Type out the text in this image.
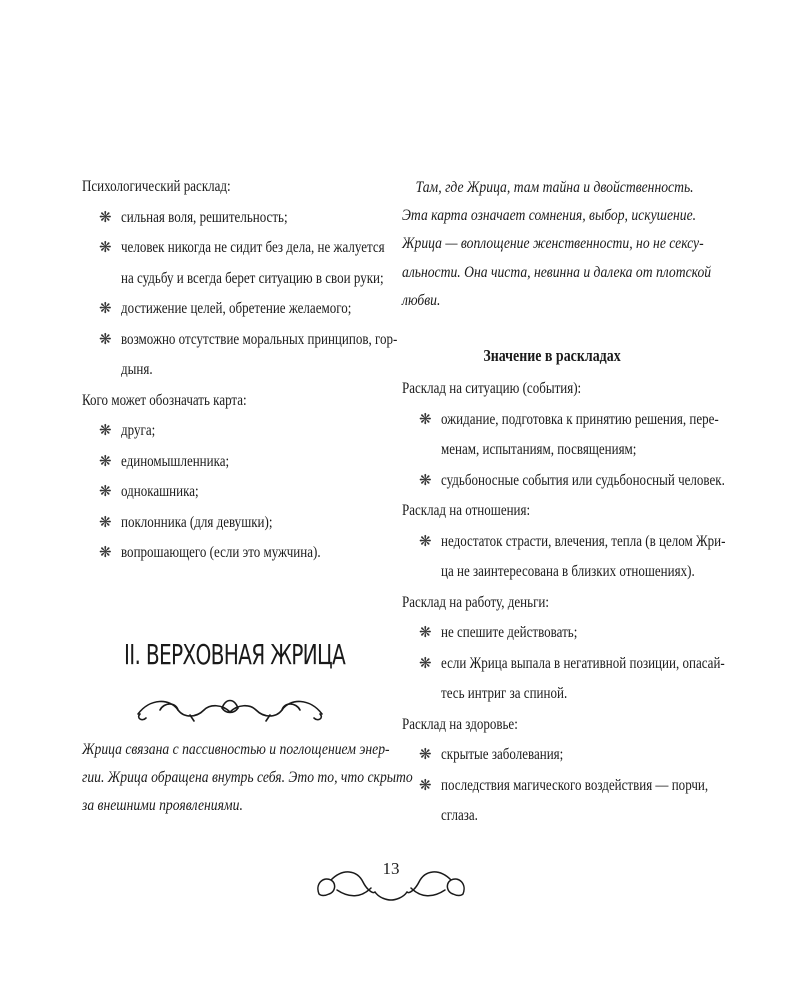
Психологический расклад:

❋ сильная воля, решительность;
❋ человек никогда не сидит без дела, не жалуется
на судьбу и всегда берет ситуацию в свои руки;
❋ достижение целей, обретение желаемого;
❋ возможно отсутствие моральных принципов, гор-
дыня.

Кого может обозначать карта:

❋ друга;
❋ единомышленника;
❋ однокашника;
❋ поклонника (для девушки);
❋ вопрошающего (если это мужчина).
II. ВЕРХОВНАЯ ЖРИЦА
Жрица связана с пассивностью и поглощением энер-
гии. Жрица обращена внутрь себя. Это то, что скрыто
за внешними проявлениями.
Там, где Жрица, там тайна и двойственность.
Эта карта означает сомнения, выбор, искушение.
Жрица — воплощение женственности, но не сексу-
альности. Она чиста, невинна и далека от плотской
любви.
Значение в раскладах

Расклад на ситуацию (события):

❋ ожидание, подготовка к принятию решения, пере-
менам, испытаниям, посвящениям;
❋ судьбоносные события или судьбоносный человек.

Расклад на отношения:

❋ недостаток страсти, влечения, тепла (в целом Жри-
ца не заинтересована в близких отношениях).

Расклад на работу, деньги:

❋ не спешите действовать;
❋ если Жрица выпала в негативной позиции, опасай-
тесь интриг за спиной.

Расклад на здоровье:

❋ скрытые заболевания;
❋ последствия магического воздействия — порчи,
сглаза.
13
